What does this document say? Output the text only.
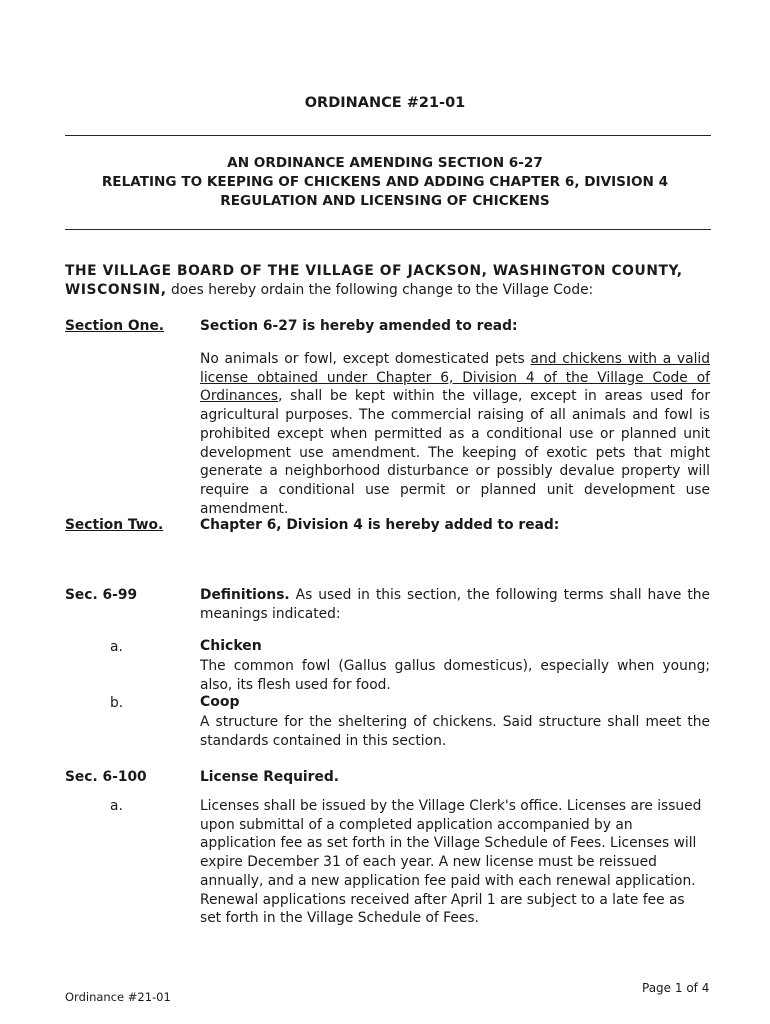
ORDINANCE #21-01
AN ORDINANCE AMENDING SECTION 6-27
RELATING TO KEEPING OF CHICKENS AND ADDING CHAPTER 6, DIVISION 4
REGULATION AND LICENSING OF CHICKENS
THE VILLAGE BOARD OF THE VILLAGE OF JACKSON, WASHINGTON COUNTY, WISCONSIN, does hereby ordain the following change to the Village Code:
Section One.	Section 6-27 is hereby amended to read:
No animals or fowl, except domesticated pets and chickens with a valid license obtained under Chapter 6, Division 4 of the Village Code of Ordinances, shall be kept within the village, except in areas used for agricultural purposes. The commercial raising of all animals and fowl is prohibited except when permitted as a conditional use or planned unit development use amendment. The keeping of exotic pets that might generate a neighborhood disturbance or possibly devalue property will require a conditional use permit or planned unit development use amendment.
Section Two.	Chapter 6, Division 4 is hereby added to read:
Sec. 6-99	Definitions. As used in this section, the following terms shall have the meanings indicated:
a.	Chicken
The common fowl (Gallus gallus domesticus), especially when young; also, its flesh used for food.
b.	Coop
A structure for the sheltering of chickens. Said structure shall meet the standards contained in this section.
Sec. 6-100	License Required.
a.	Licenses shall be issued by the Village Clerk's office. Licenses are issued upon submittal of a completed application accompanied by an application fee as set forth in the Village Schedule of Fees. Licenses will expire December 31 of each year. A new license must be reissued annually, and a new application fee paid with each renewal application. Renewal applications received after April 1 are subject to a late fee as set forth in the Village Schedule of Fees.
Ordinance #21-01
Page 1 of 4
